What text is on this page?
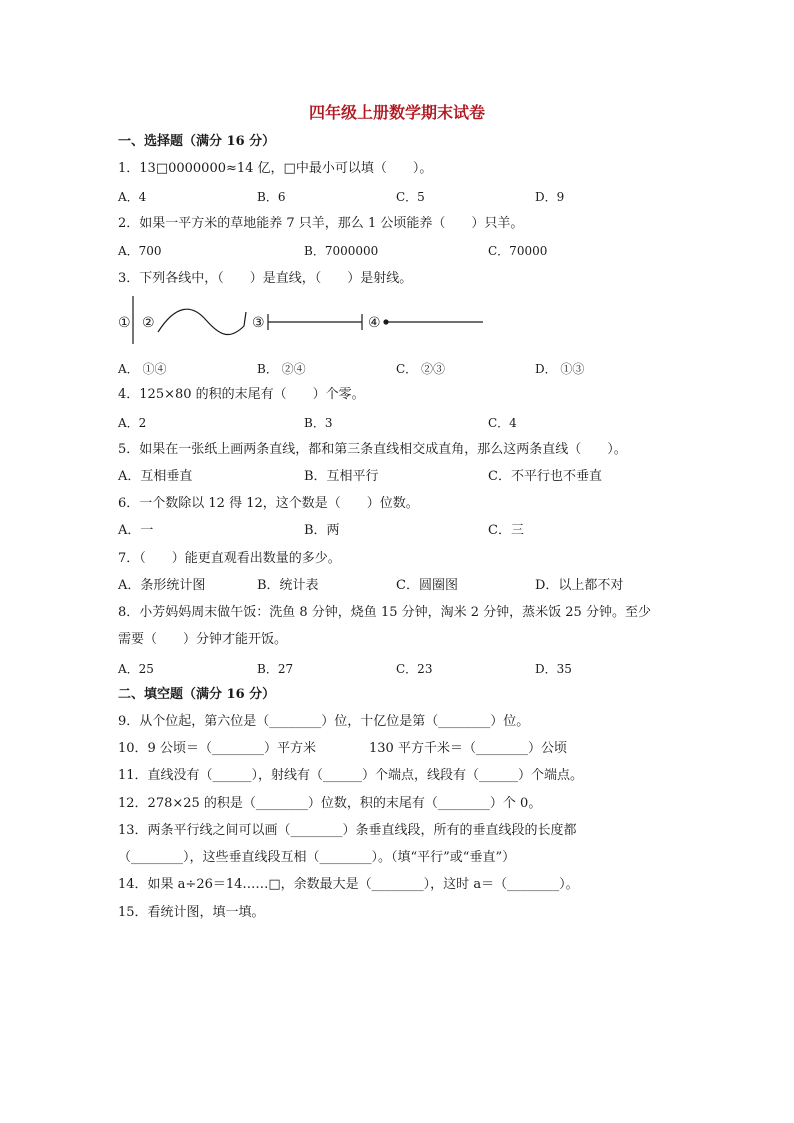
四年级上册数学期末试卷
一、选择题（满分 16 分）
1．13□0000000≈14 亿，□中最小可以填（　　）。
A．4	B．6	C．5	D．9
2．如果一平方米的草地能养 7 只羊，那么 1 公顷能养（　　）只羊。
A．700	B．7000000	C．70000
3．下列各线中，（　　）是直线，（　　）是射线。
① ②	③	④
A． ①④	B． ②④	C． ②③	D． ①③
4．125×80 的积的末尾有（　　）个零。
A．2	B．3	C．4
5．如果在一张纸上画两条直线，都和第三条直线相交成直角，那么这两条直线（　　）。
A．互相垂直	B．互相平行	C．不平行也不垂直
6．一个数除以 12 得 12，这个数是（　　）位数。
A．一	B．两	C．三
7．（　　）能更直观看出数量的多少。
A．条形统计图	B．统计表	C．圆圈图	D．以上都不对
8．小芳妈妈周末做午饭：洗鱼 8 分钟，烧鱼 15 分钟，淘米 2 分钟，蒸米饭 25 分钟。至少
需要（　　）分钟才能开饭。
A．25	B．27	C．23	D．35
二、填空题（满分 16 分）
9．从个位起，第六位是（________）位，十亿位是第（________）位。
10．9 公顷＝（________）平方米	130 平方千米＝（________）公顷
11．直线没有（______），射线有（______）个端点，线段有（______）个端点。
12．278×25 的积是（________）位数，积的末尾有（________）个 0。
13．两条平行线之间可以画（________）条垂直线段，所有的垂直线段的长度都
（________），这些垂直线段互相（________）。（填“平行”或“垂直”）
14．如果 a÷26＝14……□，余数最大是（________），这时 a＝（________）。
15．看统计图，填一填。
